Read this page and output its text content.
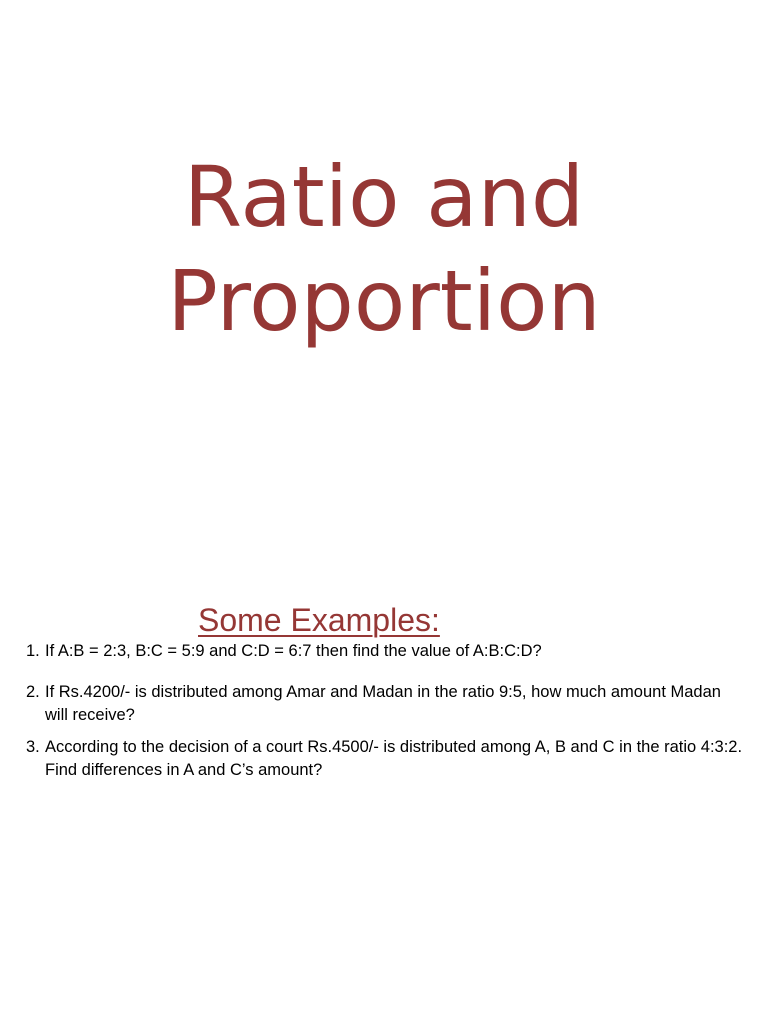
Ratio and
Proportion
Some Examples:
1. If A:B = 2:3, B:C = 5:9 and C:D = 6:7 then find the value of A:B:C:D?
2. If Rs.4200/- is distributed among Amar and Madan in the ratio 9:5, how much amount Madan will receive?
3. According to the decision of a court Rs.4500/- is distributed among A, B and C in the ratio 4:3:2. Find differences in A and C’s amount?
